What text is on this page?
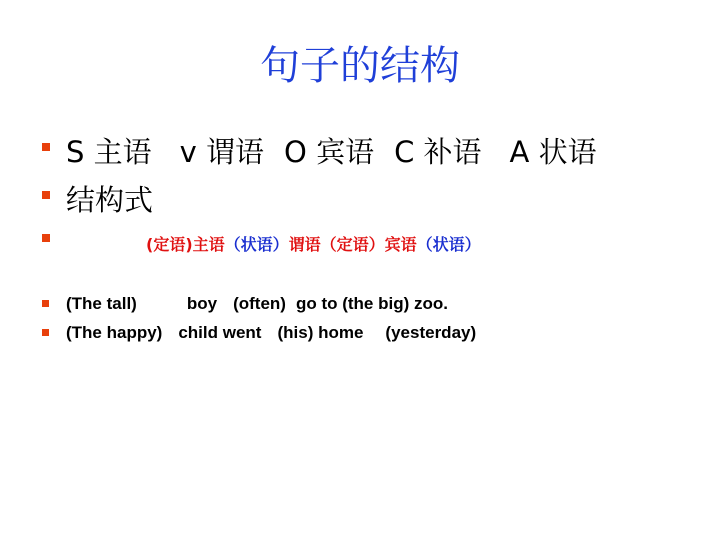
句子的结构
S 主语 v 谓语 O 宾语 C 补语 A 状语
结构式
(定语)主语（状语）谓语（定语）宾语（状语）
(The tall)	boy (often) go to (the big) zoo.
(The happy) child went (his) home (yesterday)
